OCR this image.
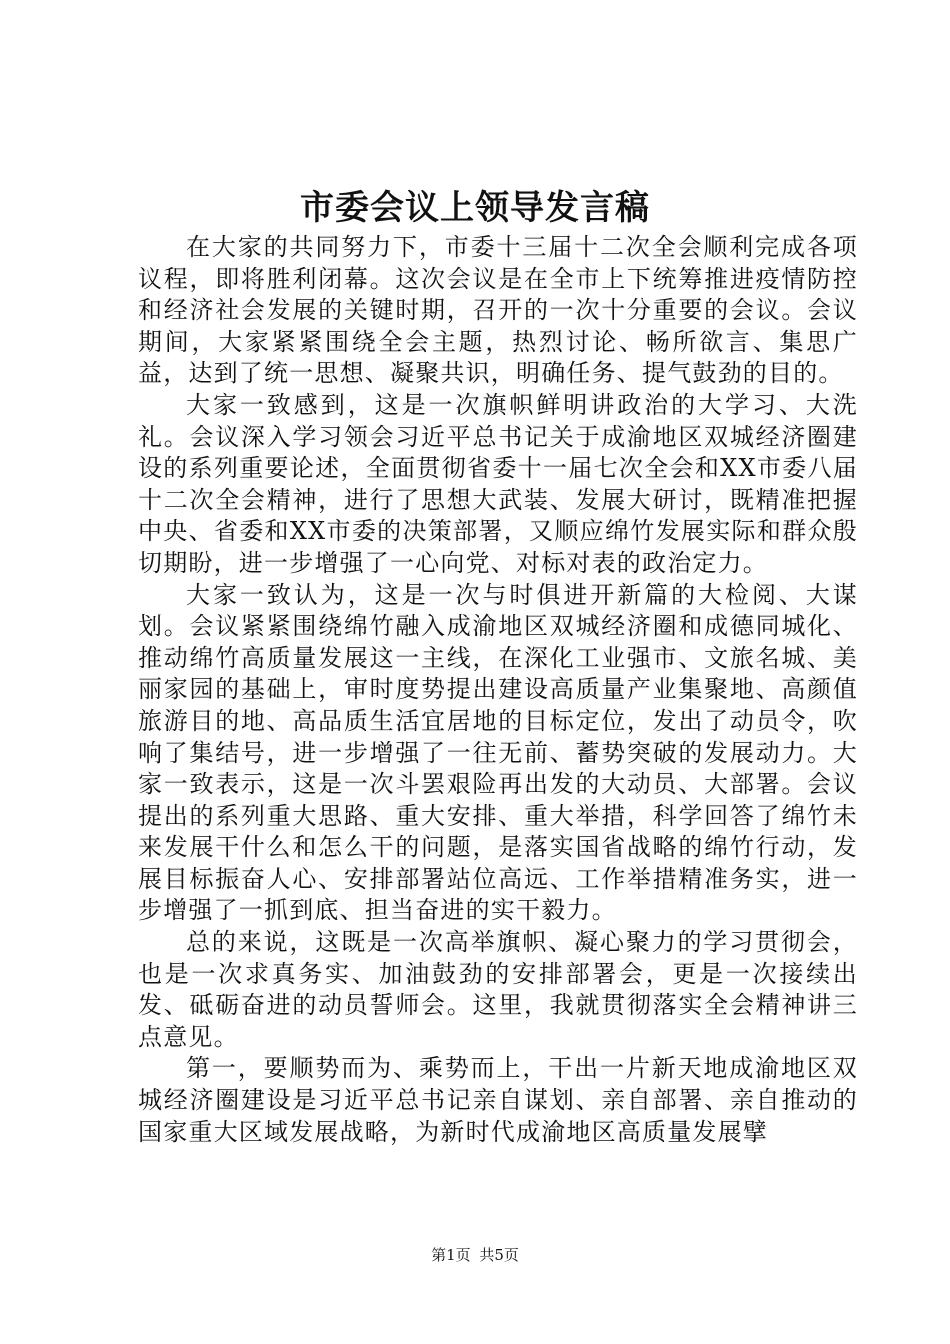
市委会议上领导发言稿

在大家的共同努力下，市委十三届十二次全会顺利完成各项议程，即将胜利闭幕。这次会议是在全市上下统筹推进疫情防控和经济社会发展的关键时期，召开的一次十分重要的会议。会议期间，大家紧紧围绕全会主题，热烈讨论、畅所欲言、集思广益，达到了统一思想、凝聚共识，明确任务、提气鼓劲的目的。

大家一致感到，这是一次旗帜鲜明讲政治的大学习、大洗礼。会议深入学习领会习近平总书记关于成渝地区双城经济圈建设的系列重要论述，全面贯彻省委十一届七次全会和XX市委八届十二次全会精神，进行了思想大武装、发展大研讨，既精准把握中央、省委和XX市委的决策部署，又顺应绵竹发展实际和群众殷切期盼，进一步增强了一心向党、对标对表的政治定力。

大家一致认为，这是一次与时俱进开新篇的大检阅、大谋划。会议紧紧围绕绵竹融入成渝地区双城经济圈和成德同城化、推动绵竹高质量发展这一主线，在深化工业强市、文旅名城、美丽家园的基础上，审时度势提出建设高质量产业集聚地、高颜值旅游目的地、高品质生活宜居地的目标定位，发出了动员令，吹响了集结号，进一步增强了一往无前、蓄势突破的发展动力。大家一致表示，这是一次斗罢艰险再出发的大动员、大部署。会议提出的系列重大思路、重大安排、重大举措，科学回答了绵竹未来发展干什么和怎么干的问题，是落实国省战略的绵竹行动，发展目标振奋人心、安排部署站位高远、工作举措精准务实，进一步增强了一抓到底、担当奋进的实干毅力。

总的来说，这既是一次高举旗帜、凝心聚力的学习贯彻会，也是一次求真务实、加油鼓劲的安排部署会，更是一次接续出发、砥砺奋进的动员誓师会。这里，我就贯彻落实全会精神讲三点意见。

第一，要顺势而为、乘势而上，干出一片新天地成渝地区双城经济圈建设是习近平总书记亲自谋划、亲自部署、亲自推动的国家重大区域发展战略，为新时代成渝地区高质量发展擘

第1页 共5页
